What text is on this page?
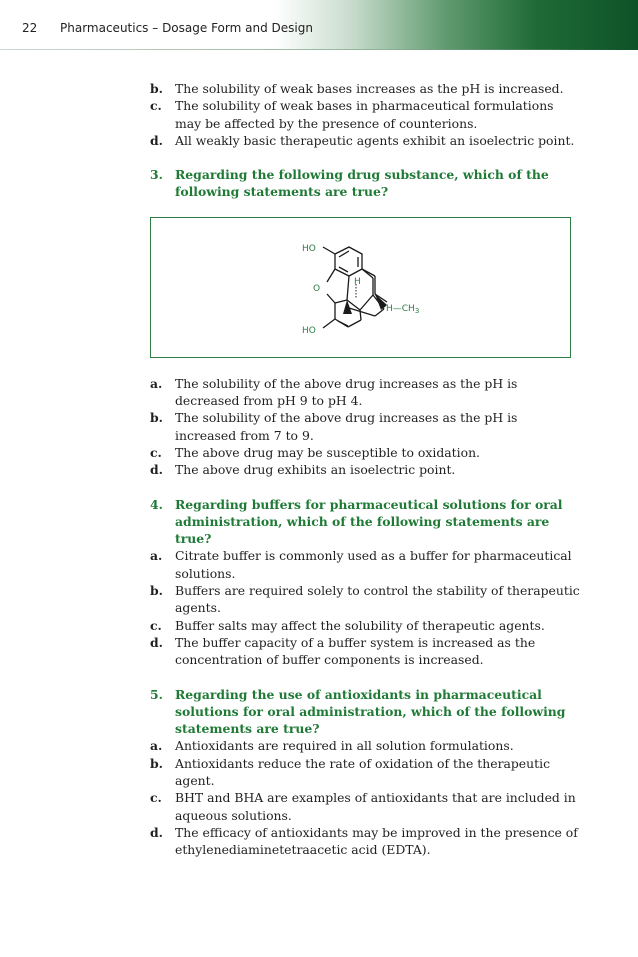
22 Pharmaceutics – Dosage Form and Design
b. The solubility of weak bases increases as the pH is increased.
c.	The solubility of weak bases in pharmaceutical formulations may be affected by the presence of counterions.
d. All weakly basic therapeutic agents exhibit an isoelectric point.
3. Regarding the following drug substance, which of the following statements are true?
HO
O
H
$H—CH_3$
HO
a.	The solubility of the above drug increases as the pH is decreased from pH 9 to pH 4.
b. The solubility of the above drug increases as the pH is increased from 7 to 9.
c.	The above drug may be susceptible to oxidation.
d. The above drug exhibits an isoelectric point.
4. Regarding buffers for pharmaceutical solutions for oral administration, which of the following statements are true?
a.	Citrate buffer is commonly used as a buffer for pharmaceutical solutions.
b. Buffers are required solely to control the stability of therapeutic agents.
c.	Buffer salts may affect the solubility of therapeutic agents.
d. The buffer capacity of a buffer system is increased as the concentration of buffer components is increased.
5. Regarding the use of antioxidants in pharmaceutical solutions for oral administration, which of the following statements are true?
a.	Antioxidants are required in all solution formulations.
b. Antioxidants reduce the rate of oxidation of the therapeutic agent.
c.	BHT and BHA are examples of antioxidants that are included in aqueous solutions.
d. The efficacy of antioxidants may be improved in the presence of ethylenediaminetetraacetic acid (EDTA).
